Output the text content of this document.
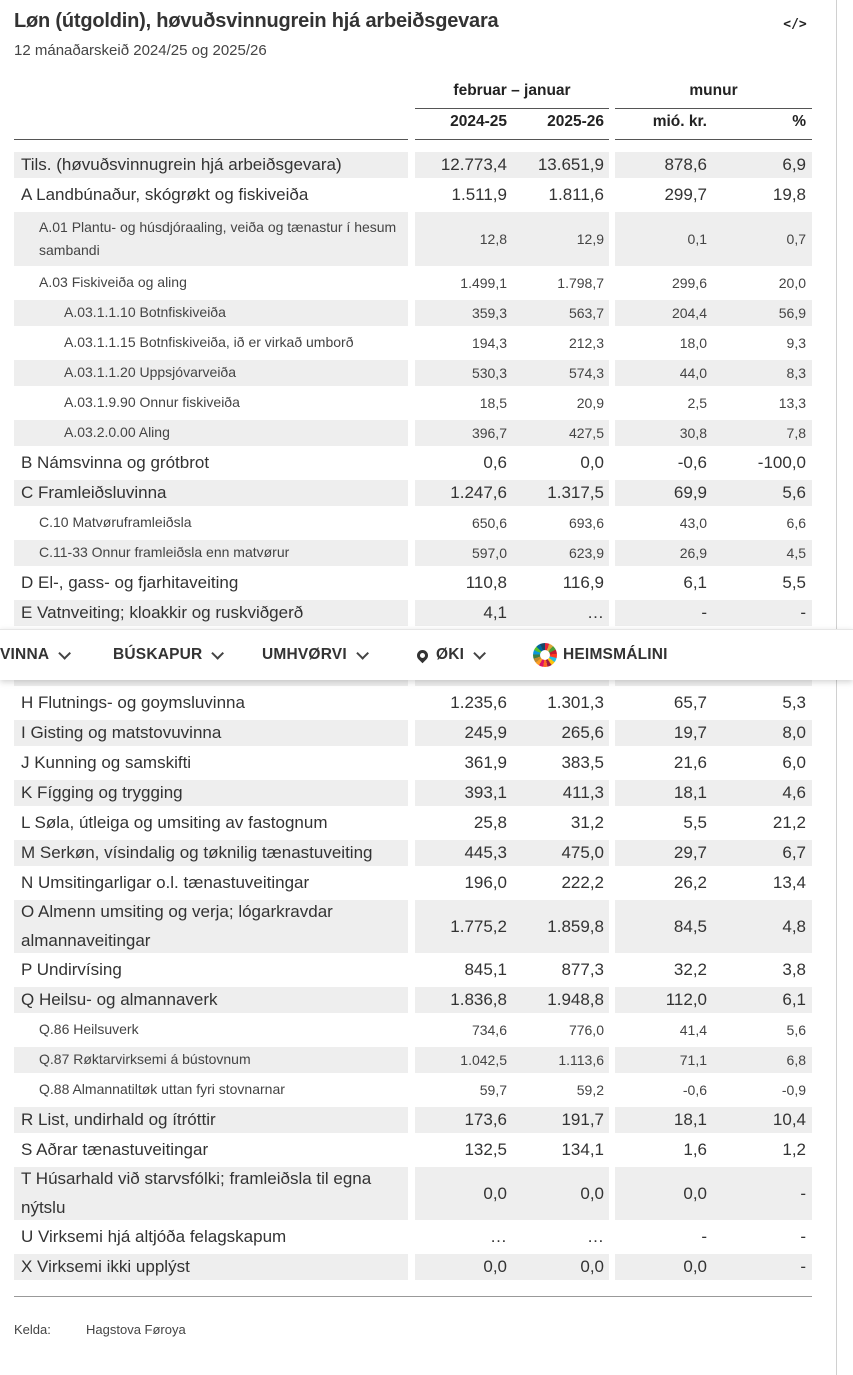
Løn (útgoldin), høvuðsvinnugrein hjá arbeiðsgevara
12 mánaðarskeið 2024/25 og 2025/26
</>
februar – januar	munur
2024-25	2025-26	mió. kr.	%
Tils. (høvuðsvinnugrein hjá arbeiðsgevara)	12.773,4 13.651,9	878,6	6,9
A Landbúnaður, skógrøkt og fiskiveiða	1.511,9 1.811,6	299,7	19,8
A.01 Plantu- og húsdjóraaling, veiða og tænastur í hesum sambandi
12,8	12,9	0,1	0,7
A.03 Fiskiveiða og aling	1.499,1	1.798,7	299,6	20,0
A.03.1.1.10 Botnfiskiveiða	359,3	563,7	204,4	56,9
A.03.1.1.15 Botnfiskiveiða, ið er virkað umborð	194,3	212,3	18,0	9,3
A.03.1.1.20 Uppsjóvarveiða	530,3	574,3	44,0	8,3
A.03.1.9.90 Onnur fiskiveiða	18,5	20,9	2,5	13,3
A.03.2.0.00 Aling	396,7	427,5	30,8	7,8
B Námsvinna og grótbrot	0,6	0,0	-0,6	-100,0
C Framleiðsluvinna	1.247,6 1.317,5	69,9	5,6
C.10 Matvøruframleiðsla	650,6	693,6	43,0	6,6
C.11-33 Onnur framleiðsla enn matvørur	597,0	623,9	26,9	4,5
D El-, gass- og fjarhitaveiting	110,8	116,9	6,1	5,5
E Vatnveiting; kloakkir og ruskviðgerð	4,1	…	-	-
H Flutnings- og goymsluvinna	1.235,6 1.301,3	65,7	5,3
I Gisting og matstovuvinna	245,9	265,6	19,7	8,0
J Kunning og samskifti	361,9	383,5	21,6	6,0
K Fígging og trygging	393,1	411,3	18,1	4,6
L Søla, útleiga og umsiting av fastognum	25,8	31,2	5,5	21,2
M Serkøn, vísindalig og tøknilig tænastuveiting	445,3	475,0	29,7	6,7
N Umsitingarligar o.l. tænastuveitingar	196,0	222,2	26,2	13,4
O Almenn umsiting og verja; lógarkravdar almannaveitingar
1.775,2 1.859,8	84,5	4,8
P Undirvísing	845,1	877,3	32,2	3,8
Q Heilsu- og almannaverk	1.836,8 1.948,8	112,0	6,1
Q.86 Heilsuverk	734,6	776,0	41,4	5,6
Q.87 Røktarvirksemi á bústovnum	1.042,5	1.113,6	71,1	6,8
Q.88 Almannatiltøk uttan fyri stovnarnar	59,7	59,2	-0,6	-0,9
R List, undirhald og ítróttir	173,6	191,7	18,1	10,4
S Aðrar tænastuveitingar	132,5	134,1	1,6	1,2
T Húsarhald við starvsfólki; framleiðsla til egna nýtslu
0,0	0,0	0,0	-
U Virksemi hjá altjóða felagskapum	…	…	-	-
X Virksemi ikki upplýst	0,0	0,0	0,0	-
VINNA	BÚSKAPUR	UMHVØRVI	ØKI	HEIMSMÁLINI
Kelda:	Hagstova Føroya
